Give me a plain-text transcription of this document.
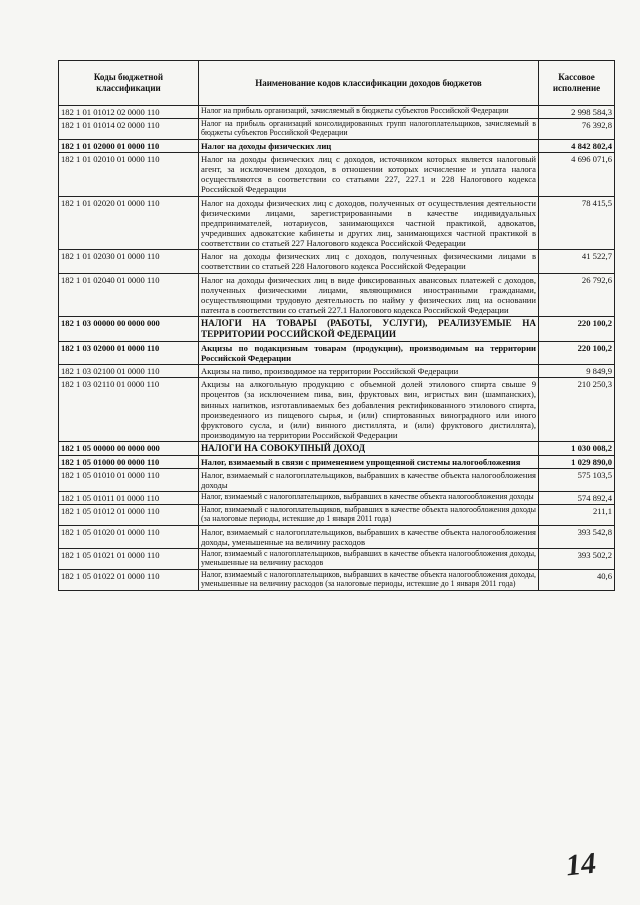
Коды бюджетной классификации	Наименование кодов классификации доходов бюджетов	Кассовое исполнение
182 1 01 01012 02 0000 110	Налог на прибыль организаций, зачисляемый в бюджеты субъектов Российской Федерации	2 998 584,3
182 1 01 01014 02 0000 110	Налог на прибыль организаций консолидированных групп налогоплательщиков, зачисляемый в бюджеты субъектов Российской Федерации	76 392,8
182 1 01 02000 01 0000 110	Налог на доходы физических лиц	4 842 802,4
182 1 01 02010 01 0000 110	Налог на доходы физических лиц с доходов, источником которых является налоговый агент, за исключением доходов, в отношении которых исчисление и уплата налога осуществляются в соответствии со статьями 227, 227.1 и 228 Налогового кодекса Российской Федерации	4 696 071,6
182 1 01 02020 01 0000 110	Налог на доходы физических лиц с доходов, полученных от осуществления деятельности физическими лицами, зарегистрированными в качестве индивидуальных предпринимателей, нотариусов, занимающихся частной практикой, адвокатов, учредивших адвокатские кабинеты и других лиц, занимающихся частной практикой в соответствии со статьей 227 Налогового кодекса Российской Федерации	78 415,5
182 1 01 02030 01 0000 110	Налог на доходы физических лиц с доходов, полученных физическими лицами в соответствии со статьей 228 Налогового кодекса Российской Федерации	41 522,7
182 1 01 02040 01 0000 110	Налог на доходы физических лиц в виде фиксированных авансовых платежей с доходов, полученных физическими лицами, являющимися иностранными гражданами, осуществляющими трудовую деятельность по найму у физических лиц на основании патента в соответствии со статьей 227.1 Налогового кодекса Российской Федерации	26 792,6
182 1 03 00000 00 0000 000	НАЛОГИ НА ТОВАРЫ (РАБОТЫ, УСЛУГИ), РЕАЛИЗУЕМЫЕ НА ТЕРРИТОРИИ РОССИЙСКОЙ ФЕДЕРАЦИИ	220 100,2
182 1 03 02000 01 0000 110	Акцизы по подакцизным товарам (продукции), производимым на территории Российской Федерации	220 100,2
182 1 03 02100 01 0000 110	Акцизы на пиво, производимое на территории Российской Федерации	9 849,9
182 1 03 02110 01 0000 110	Акцизы на алкогольную продукцию с объемной долей этилового спирта свыше 9 процентов (за исключением пива, вин, фруктовых вин, игристых вин (шампанских), винных напитков, изготавливаемых без добавления ректификованного этилового спирта, произведенного из пищевого сырья, и (или) спиртованных виноградного или иного фруктового сусла, и (или) винного дистиллята, и (или) фруктового дистиллята), производимую на территории Российской Федерации	210 250,3
182 1 05 00000 00 0000 000	НАЛОГИ НА СОВОКУПНЫЙ ДОХОД	1 030 008,2
182 1 05 01000 00 0000 110	Налог, взимаемый в связи с применением упрощенной системы налогообложения	1 029 890,0
182 1 05 01010 01 0000 110	Налог, взимаемый с налогоплательщиков, выбравших в качестве объекта налогообложения доходы	575 103,5
182 1 05 01011 01 0000 110	Налог, взимаемый с налогоплательщиков, выбравших в качестве объекта налогообложения доходы	574 892,4
182 1 05 01012 01 0000 110	Налог, взимаемый с налогоплательщиков, выбравших в качестве объекта налогообложения доходы (за налоговые периоды, истекшие до 1 января 2011 года)	211,1
182 1 05 01020 01 0000 110	Налог, взимаемый с налогоплательщиков, выбравших в качестве объекта налогообложения доходы, уменьшенные на величину расходов	393 542,8
182 1 05 01021 01 0000 110	Налог, взимаемый с налогоплательщиков, выбравших в качестве объекта налогообложения доходы, уменьшенные на величину расходов	393 502,2
182 1 05 01022 01 0000 110	Налог, взимаемый с налогоплательщиков, выбравших в качестве объекта налогообложения доходы, уменьшенные на величину расходов (за налоговые периоды, истекшие до 1 января 2011 года)	40,6
14
